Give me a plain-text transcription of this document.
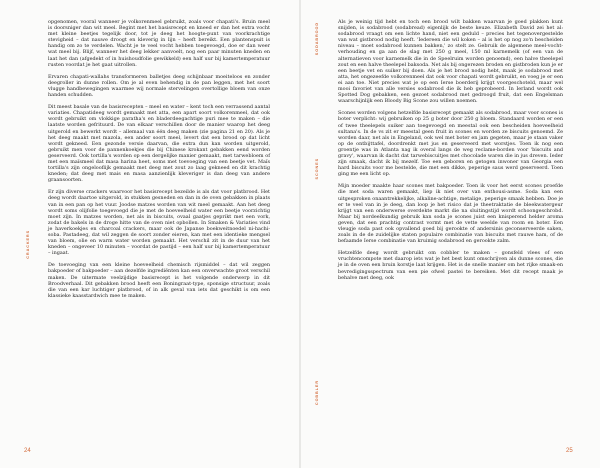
opgenomen, vooral wanneer je volkorenmeel gebruikt, zoals voor chapati's. Bruin meel is doorsniger dan wit meel. Begint met het basisrecept en kneed er dan het extra vocht met kleine beetjes tegelijk door, tot je deeg het hoogte-punt van voorkrachtige stevigheid – dat nauwe droogt en kleverig in lijn – heeft bereikt. Een plantenspuit is handig om zo te verdelen. Wacht je te veel vocht hebben toegevoegd, doe er dan weer wat meel bij. Blijf, wanneer het deeg lekker aanvoelt, nog een paar minuten kneden en laat het dan (afgedekt of in huishoudfolie gewikkeld) een half uur bij kamertemperatuur rusten voordat je het gaat uitrollen.

Ervaren chapati-wallahs transformeren balletjes deeg schijnbaar moeiteloos en zonder deegroller in dunne rollen. Om je al even behendig in de pan leggen, met het soort vlugge handbewegingen waarmee wij normale stervelingen overtollige bloem van onze handen schudden.

Dit meest basale van de basisrecepten – meel en water – kent toch een verrassend aantal variaties. Chapatideeg wordt gemaakt met atta, een apart soort volkorenmeel, dat ook wordt gebruikt om vlokkige paratha's en bladerdeegachtige puri mee te maken – die laatste worden gefrituurd. De van elkaar verschillen door de manier waarop het deeg uitgerold en bewerkt wordt – allemaal van één deeg maken (zie pagina 21 en 20). Als je het deeg maakt met mazola, een ander soort meel, levert dat een brood op dat licht wordt gekneed. Een gezonde versie daarvan, die extra dun kan worden uitgerold, gebruikt men voor de pannenkoekjes die bij Chinese krokant gebakken eend worden geserveerd. Ook tortilla's worden op een dergelijke manier gemaakt, met tarwebloem of met een maïsmeel dat masa harina heet, soms met toevoeging van een beetje vet. Maïs tortilla's zijn ongelooflijk gemaakt met deeg met zout zo laag gekneed en dit krachtig kneden; dat deeg met mais en masa aanzienlijk kleveriger is dan deeg van andere graansoorten.

Er zijn diverse crackers waarvoor het basisrecept bezeilde is als dat voor platbrood. Het deeg wordt daartoe uitgerold, in stukken gesneden en dan in de oven gebakken in plaats van in een pan op het vuur. Joodse matzes worden van wit meel gemaakt. Aan het deeg wordt soms olijfolie toegevoegd die je met de hoeveelheid water een beetje voorzichtig moet zijn. In matzes worden, net als in biscuits, ovaal gaatjes geprikt met een vork, zodat de bakels in de droge hitte van de oven niet opbollen. In Smaken & Variaties vind je haverkoekjes en charcoal crackers, maar ook de Japanse boekweitnoedel ni-hachi-soba. Pastadeeg, dat wil zeggen de soort zonder eieren, kan met een identieke mengsel van bloem, olie en warm water worden gemaakt. Het verschil zit in de duur van het kneden – ongeveer 10 minuten – voordat de pastijd – een half uur bij kamertemperatuur – ingaat.

De toevoeging van een kleine hoeveelheid chemisch rijsmiddel – dat wil zeggen bakpoeder of bakpoeder – aan dezelfde ingrediënten kan een onverwachte groot verschil maken. De uitermate veelzijdige basisrecept is het volgende onderwerp in dit Broodverhaal. Dit gebakken brood heeft een Boningraat-type, sponsige structuur, zoals die van een kar luchtiger platbrood, of in alk geval van iets dat geschikt is om een klassieke kaasstardwich mee te maken.

CRACKERS
24

Als je weinig tijd hebt en toch een brood wilt bakken waarvan je goed plakken kunt snijden, is sodabrood (sodabread) eigenlijk de beste keuze. Elizabeth David zei het al: sodabrood vraagt om een lichte hand, niet een geduld – precies het tegenovergestelde van wat gistbrood nodig heeft. 'Iedereen die wil koken – al is het op nog zo'n bescheiden niveau – moet sodabrood kunnen bakken,' zo stelt ze. Gebruik de algemene meel-vocht-verhouding en ga aan de slag met 250 g meel, 150 ml karnemelk (of een van de alternatieven voor karnemelk die in de Speelruim worden genoemd), een halve theelepel zout en een halve theelepel baksoda. Net als bij ongerezen broden en gistbroden kun je er een beetje vet en suiker bij doen. Als je het brood nodig hebt, maak je sodabrood met atta, het ongezeefde volkorenmeel dat ook voor chapati wordt gebruikt, en voeg je er een ei aan toe. Niet precies wat je op een Ierse boerderij krijgt voorgeschoteld, maar wel mooi favoriet van alle versies sodabrood die ik heb geprobeerd. In Ierland wordt ook Spotted Dog gebakken, een gezoet sodabrood met gedroogd fruit, dat een Engelsman waarschijnlijk een Bloody Big Scone zou willen noemen.

Scones worden volgens hetzelfde basisrecept gemaakt als sodabrood, maar voor scones is boter verplicht: wij gebruiken op 25 g boter door 250 g bloem. Standaard worden er een of twee theelepels suiker aan toegevoegd en meestal ook een bescheiden hoeveelheid sultana's. In de vs zit er meestal geen fruit in scones en worden ze biscuits genoemd. Ze worden daar, net als in Engeland, ook wel met boter en jam gegeten, maar je staan vaker op de ontbijttafel, doordrenkt met jus en geserveerd met worstjes. Toen ik nog een groentje was in Atlanta nag ik overal langs de weg reclame-borden voor 'biscuits and gravy', waarvan ik dacht dat tarwebiscuitjes met chocolade waren die in jus dreven. Ieder zijn smaak, dacht ik bij mezelf. Toe een geboren en getogen inwoner van Georgia een hard biscuits voor me bestelde, die met een dikke, peperige saus werd geserveerd. Toen ging me een licht op.

Mijn moeder maakte haar scones met bakpoeder. Toen ik voor het eerst scones proefde die met soda waren gemaakt, liep ik niet over van enthousi-asme. Soda kan een uitgesproken onaantrekkelijke, alkaline-achtige, metalige, peperige smaak hebben. Doe je er te veel van in je deeg, dan loop je het risico dat je theetraktatie de bleekwatergeur krijgt van een onderwerse overdekte markt die na sluitingstijd wordt schoongeschrobd. Maar bij nordeelkundig gebruik kan soda je scones juist een knisperend helder aroma geven, dat een prachtig contrast vormt met de vette weelde van room en boter. Een vleugje soda past ook opvallend goed bij gerookte of andersinis geconserveerde saken, zoals in de de zuidelijke staten populaire combinatie van biscuits met rauwe ham, of de befaamde Ierse combinatie van kruimig sodabrood en gerookte zalm.

Hetzelfde deeg wordt gebruikt om cobbler te maken – gonsfeld vlees of een vruchtencompote met daarop iets wat je het best kunt omschrijven als dunne scones, die je in de oven een bruin korstje laat krijgen. Het is de snelle manier om het rijke smaak-en bevredigingsspectrum van een pie ofwel pastei te bereiken. Met dit recept maak je behalve met deeg, ook

SODABROOD
SCONES
COBBLER
25
